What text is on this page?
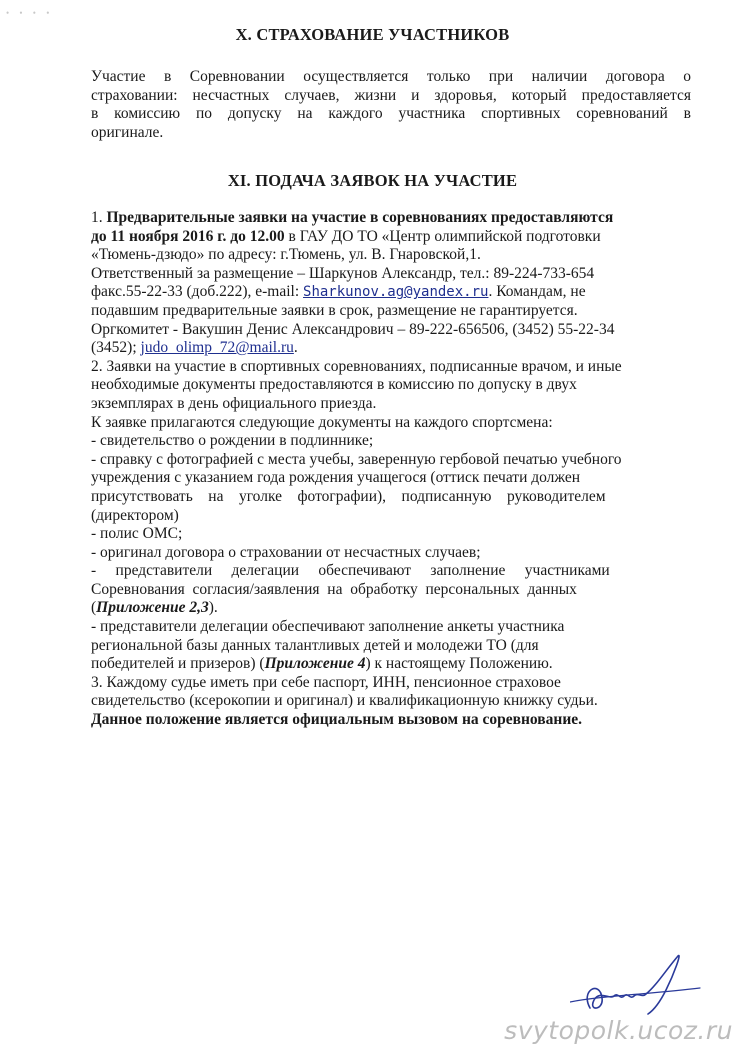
• • • •
X. СТРАХОВАНИЕ УЧАСТНИКОВ
Участие в Соревновании осуществляется только при наличии договора о
страховании: несчастных случаев, жизни и здоровья, который предоставляется
в комиссию по допуску на каждого участника спортивных соревнований в
оригинале.
XI. ПОДАЧА ЗАЯВОК НА УЧАСТИЕ
1. Предварительные заявки на участие в соревнованиях предоставляются
до 11 ноября 2016 г. до 12.00 в ГАУ ДО ТО «Центр олимпийской подготовки
«Тюмень-дзюдо» по адресу: г.Тюмень, ул. В. Гнаровской,1.
Ответственный за размещение – Шаркунов Александр, тел.: 89-224-733-654
факс.55-22-33 (доб.222), e-mail: Sharkunov.ag@yandex.ru. Командам, не
подавшим предварительные заявки в срок, размещение не гарантируется.
Оргкомитет - Вакушин Денис Александрович – 89-222-656506, (3452) 55-22-34
(3452); judo_olimp_72@mail.ru.
2. Заявки на участие в спортивных соревнованиях, подписанные врачом, и иные
необходимые документы предоставляются в комиссию по допуску в двух
экземплярах в день официального приезда.
К заявке прилагаются следующие документы на каждого спортсмена:
- свидетельство о рождении в подлиннике;
- справку с фотографией с места учебы, заверенную гербовой печатью учебного
учреждения с указанием года рождения учащегося (оттиск печати должен
присутствовать    на    уголке    фотографии),    подписанную    руководителем
(директором)
- полис ОМС;
- оригинал договора о страховании от несчастных случаев;
-     представители     делегации     обеспечивают     заполнение     участниками
Соревнования  согласия/заявления  на  обработку  персональных  данных
(Приложение 2,3).
- представители делегации обеспечивают заполнение анкеты участника
региональной базы данных талантливых детей и молодежи ТО (для
победителей и призеров) (Приложение 4) к настоящему Положению.
3. Каждому судье иметь при себе паспорт, ИНН, пенсионное страховое
свидетельство (ксерокопии и оригинал) и квалификационную книжку судьи.
Данное положение является официальным вызовом на соревнование.
svytopolk.ucoz.ru
